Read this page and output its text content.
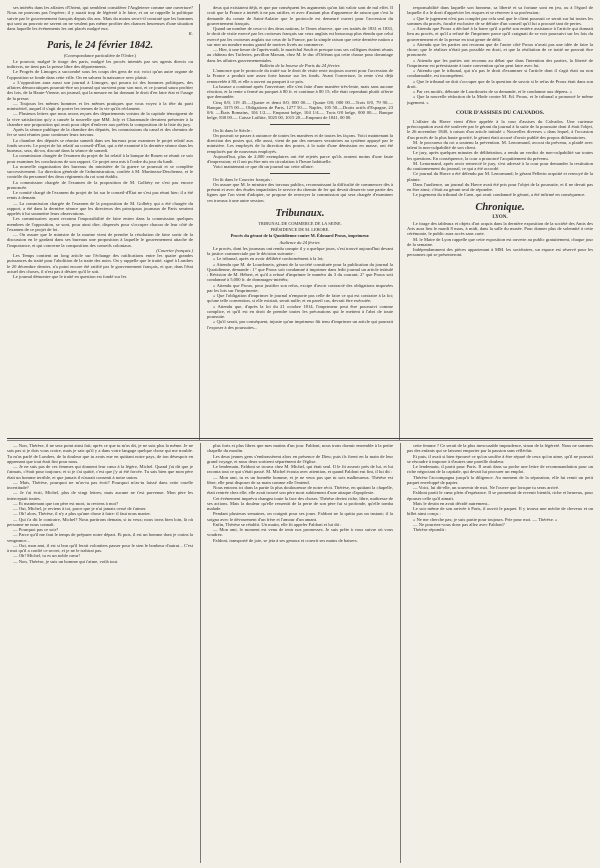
ses intérêts dans les affaires d'Orient, qui semblent considérer l'Angleterre comme une ouverture? Nous ne pouvons pas l'espérer; il y aurait trop de légèreté à le faire, et on se rappelle la politique suivie par le gouvernement français depuis dix ans. Mais du moins sera-t-il constaté que les hommes qui sont au pouvoir ne savent on ne veulent pas même profiter des chances heureuses d'une situation dans laquelle les événements les ont placés malgré eux.

K.

Paris, le 24 février 1842.
(Correspondance particulière de l'Ordre.)

Le pouvoir, malgré le tirage des parts, malgré les procès intentés par ses agents directs ou indirects, ne tient pas la presse libre des départements.

Le Progrès de Limoges a succombé sous les coups des gens de roi; voici qu'un autre organe de l'opposition se fonde dans cette ville. On en saluera la naissance avec plaisir.

« L'opposition aura aussi son journal à Limoges, qui pourra ici des hommes politiques, des affaires démocratiques pourrait-être un journal qui survient pour son mot, et ce journal saura profiter des lois, de la Haute-Vienne, un journal, qui la mesure en lui donnant le droit d'en faire état et l'usage de la presse.

— Toujours les mêmes hommes et les mêmes pratiques que vous voyez à la tête du parti ministériel, auquel il s'agit de porter les termes de la vie qu'ils réclament.

— Plusieurs lettres que nous avons reçues des départements voisins de la capitale témoignent de la vive satisfaction qu'y a causée la nouvelle que MM. Joly et Charamaule devaient présenter à la chambre une proposition qui avait pour objet d'enlever aux préfets la composition de la liste du jury.

Après la séance publique de la chambre des députés, les commissions du canal et des chemins de fer se sont réunies pour continuer leurs travaux.

La chambre des députés se réunira samedi dans ses bureaux pour examiner le projet relatif aux fonds secrets. Le projet de loi relatif au conseil-d'État, qui a été examiné à la dernière séance dans les bureaux, sera, dit-on, discuté dans la séance de samedi.

La commission chargée de l'examen du projet de loi relatif à la banque de Rouen se réunit ce soir pour examiner les conclusions de son rapport. Ce projet sera mis à l'ordre du jour du lundi.

La nouvelle organisation des bureaux du ministère de la guerre se poursuit et se complète successivement. La direction générale de l'administration, confiée à M. Martineau-Deschenez, et le contrôle du personnel des deux régiments du roi sont établis.

La commission chargée de l'examen de la proposition de M. Golbéry ne s'est pas encore prononcée.

Le comité chargé de l'examen du projet de loi sur le conseil-d'État ne s'est pas réuni hier; il a été remis à demain.

— La commission chargée de l'examen de la proposition de M. Golbéry qui a été chargée du rapport, a été dans la dernière séance que les directeurs des principaux journaux de Paris seraient appelés à lui soumettre leurs observations.

Les commissaires ayant reconnu l'impossibilité de faire entrer dans la commission quelques membres de l'opposition, se sont, pour ainsi dire, dispersés pour s'occuper chacun de leur côté de l'examen de ce projet de loi.

— On assure que le ministre de la marine vient de prendre la résolution de faire sortir de la discussion en le gardant dans ses bureaux une proposition à laquelle le gouvernement attache de l'importance, et qui concerne la composition des conseils coloniaux.

(Courrier français.)

Les Temps contient un long article sur l'échange des ratifications entre les quatre grandes puissances du traité pour l'abolition de la traite des noirs. On y rappelle que le traité, signé à Londres le 20 décembre dernier, n'a point encore été ratifié par le gouvernement français, et que, dans l'état actuel des choses, il n'est pas à désirer qu'il le soit.

Le journal démontre que le traité en question est fondé sur les

deux qui existaient déjà, et que par conséquent les arguments qu'on fait valoir sont de nul effet. Il croit que la France a intérêt à ne pas ratifier, et avec d'autant plus d'apparence de raison que c'est la demande du comte de Saint-Aulaire que le protocole est demeuré ouvert pour l'accession du gouvernement français.

Quand un nombre de ceux-ci des deux nations, le Times observe, que ces traités de 1831 et 1833, le droit de visite exercé par les croiseurs français sur ceux anglais est beaucoup plus étendu que celui exercé par les croiseurs anglais sur ceux de la France, par la simple raison que cette dernière nation a sur mer un nombre moins grand de navires livrés au commerce.

— Hier, à une heure de l'après-midi, le maréchal Soult et presque tous ses collègues étaient réunis au château des Tuileries, pavillon Marsan, chez M. le duc d'Orléans qui cette chasse pour davantage dans les affaires gouvernementales.

Bulletin de la bourse de Paris du 24 février.

L'annonce que le protocole du traité sur le droit de visite reste toujours ouvert pour l'accession de la France a produit une assez forte hausse sur les fonds. Avant l'ouverture, la rente s'est déjà renouvelée à 80, et elle a ouvert au parquet à ce prix.

La hausse a continué après l'ouverture; elle s'est faite d'une manière très-lente, mais sans aucune réaction, et la rente a fermé au parquet à 80 fr. et continue à 80 15; elle était cependant plutôt offerte que demandée.

Cinq 0/0, 119 45.—Quatre et demi 0/0, 000 00.— Quatre 0/0, 000 00.—Trois 0/0, 79 90.— Banque, 3375 00.— Obligations de Paris, 1277 50.— Naples, 105 50.—Droits actifs d'Espagne, 23 0/6. —États Romains, 104 1/2.— Emprunt belge, 104 1/4.— Trois 0/0 belge, 000 00.— Banque belge, 830 00.— Caisse Laffitte, 5025 00, 1015 20.—Emprunt de 1841, 00 00.

On lit dans le Siècle :

On pouvait se passer à outrance de toutes les manières et de toutes les façons. Voici maintenant la direction des postes qui, elle aussi, vient de par des mesures vexatoires au système appuyé par le ministère. Les employés de la direction des postes, à la suite d'une démission en masse, ont été remplacés par de nouveaux employés.

Aujourd'hui, plus de 2,000 exemplaires ont été rejetés parce qu'ils avaient moins d'une faute d'impression; et il ont pu être mis en circulation à l'heure habituelle.

Voici maintenant ce que dit un journal sur cette affaire.

On lit dans le Courrier français :

On assure que M. le ministre des travaux publics, reconnaissant la difficulté de commencer dès à présent et avec des études imparfaites le service du chemin de fer qui devait desservir une partie des lignes que l'on vient d'adopter, se propose de renvoyer la commission qui sera chargée d'examiner ces travaux à une autre session.

Tribunaux.
TRIBUNAL DE COMMERCE DE LA SEINE.
PRÉSIDENCE DE M. LEBORE.
Procès du gérant de la Quotidienne contre M. Édouard Proux, imprimeur.
Audience du 24 février.

Le procès, dont les journaux ont rendu compte il y a quelque jours, s'est trouvé aujourd'hui devant la justice commerciale par le décision suivante :

« Le tribunal, après en avoir délibéré conformément à la loi;

« Attendu que M. de Lourdoueix, gérant de la société constituée pour la publication du journal la Quotidienne, demande : 1° que Proux soit condamné à imprimer dans ledit journal un article intitulé : Révision de M. Hébert, et qu'il a refusé d'imprimer le numéro du 3 du courant; 2° que Proux soit condamné à 5,000 fr. de dommages-intérêts;

« Attendu que Proux, pour justifier son refus, excipe d'avoir contracté des obligations imposées par les lois sur l'imprimerie;

« Que l'obligation d'imprimer le journal n'emporte pas celle de faire ce qui est contraire à la loi; qu'une telle convention, si elle existait, serait nulle; et en pareil cas, devrait être exécutée;

« Attendu que, d'après la loi du 21 octobre 1814, l'imprimeur peut être poursuivi comme complice, et qu'il est en droit de prendre toutes les précautions qui le mettent à l'abri de toute poursuite.

« Qu'il serait, par conséquent, injuste qu'un imprimeur fût tenu d'imprimer un article qui pourrait l'exposer à des poursuites...

responsabilité dans laquelle son honneur, sa liberté et sa fortune sont en jeu, ou à l'égard de laquelle il a le droit d'apprécier les risques et se réserver à sa profession;

« Que le jugement n'est pas complet par cela seul que le client poursuit ce serait sur lui toutes les sommes du procès, faculté exclusive de se défaire d'un conseil qu'il lui a procuré tant de pertes.

« Attendu que Proux a déclaré à la barre qu'il a prêté son entière assistance à l'article qui donnait lieu au procès, et qu'il a refusé de l'imprimer parce qu'il craignait de se voir poursuivi sur les lois du gouvernement et de la presse en tout genre de délit.

« Attendu que les parties ont reconnu que de l'autre côté Proux n'avait pas une idée de faire la chose; que le réaliser n'était pas possible en droit, et que la résiliation de ce traité ne pouvait être prononcée.

« Attendu que les parties ont reconnu au débat que dans l'intention des parties, la liberté de l'imprimeur est préexistante à toute convention qu'on peut faire avec lui.

« Attendu que le tribunal, qui n'a pas le droit d'examiner si l'article dont il s'agit était ou non condamnable, est incompétent.

« Que le tribunal ne doit s'occuper que de la question de savoir si le refus de Proux était dans son droit.

« Par ces motifs, déboute de Lourdoueix de sa demande, et le condamne aux dépens. »

« Que la nouvelle rédaction de la Mode contre M. Ed. Proux, et le tribunal a prononcé le même jugement. »

COUR D'ASSISES DU CALVADOS.

L'affaire du Havre vient d'être appelée à la cour d'assises du Calvados. Une curieuse préoccupation avait été soulevée par le gérant du journal à la suite de la poursuite dont il était l'objet, le 26 novembre 1840, à raison d'un article intitulé « Nouvelles diverses » dans lequel, à l'occasion d'un procès de la plus haute gravité, le gérant était accusé d'avoir publié des propos diffamatoires.

M. le procureur du roi a soutenu la prévention. M. Lenormand, avocat du prévenu, a plaidé avec talent la non-culpabilité de son client.

Le jury, après quelques minutes de délibération, a rendu un verdict de non-culpabilité sur toutes les questions. En conséquence, la cour a prononcé l'acquittement du prévenu.

M. Lenormand, après avoir remercié le jury, s'est adressé à la cour pour demander la restitution du cautionnement du journal, ce qui a été accordé.

Ce journal du Havre a été défendu par M. Lenormand; le gérant Pellerin acquitté et renvoyé de la plainte.

Dans l'audience, un journal du Havre avait été pris pour l'objet de la poursuite, et il ne devait pas en être ainsi; c'était au gérant seul de répondre.

Le jugement du tribunal de Caen, qui avait condamné le gérant, a été infirmé en conséquence.

Chronique.
LYON.

Le tirage des tableaux et objets d'art acquis dans la dernière exposition de la société des Amis des Arts aura lieu le mardi 8 mars, à midi, dans la salle du musée. Pour donner plus de solennité à cette cérémonie, le public aura accès sans carte.

M. le Maire de Lyon rappelle que cette exposition est ouverte au public gratuitement, chaque jour de la semaine.

Indépendamment des pièces appartenant à MM. les sociétaires, un espace est réservé pour les personnes qui se présenteront.

— Non, Thérèse, il ne sera point ainsi fait; après ce que tu m'as dit, je ne suis plus la même. Je ne sais pas si je dois vous croire, mais je sais qu'il y a dans votre langage quelque chose qui me trouble. Tu m'as parlé de Londres, de la douleur que tu avais eue en quittant notre pays, de ton désespoir en apprenant que tout était fini pour nous.

— Je ne suis pas de ces femmes qui donnent leur cœur à la légère, Michel. Quand j'ai dit que je t'aimais, c'était pour toujours; et si je t'ai quitté, c'est que j'y ai été forcée. Tu sais bien que mon père était un homme terrible, et que jamais il n'aurait consenti à notre union.

— Mais, Thérèse, pourquoi ne m'as-tu pas écrit? Pourquoi m'as-tu laissé dans cette cruelle incertitude?

— Je t'ai écrit, Michel, plus de vingt lettres; mais aucune ne t'est parvenue. Mon père les interceptait toutes.

— Et maintenant que ton père est mort, tu reviens à moi?

— Oui, Michel, je reviens à toi, parce que je n'ai jamais cessé de t'aimer.

— Oh! alors, Thérèse, il n'y a plus qu'une chose à faire: il faut nous marier.

— Qui t'a dit le contraire, Michel? Nous partirons demain, si tu veux; nous irons bien loin, là où personne ne nous connaît.

— Pourquoi pas ce soir?

— Parce qu'il me faut le temps de préparer notre départ. Et puis, il est un homme dont je crains la vengeance...

— Oui, mon ami, il est si bon qu'il ferait volontiers passer pour le sien le bonheur d'autrui... C'est à moi qu'il a confié ce secret, et je ne le trahirai pas.

— Oh! Michel, tu es un noble cœur!

— Non, Thérèse, je suis un homme qui t'aime, voilà tout.

plus forts et plus libres que mes matins d'un jour. Faldoni, nous irons dormir ensemble à la petite chapelle du moulin.

Les deux jeunes gens s'embrassèrent alors en présence de Dieu; puis ils firent en la main de leur grand voyage, et nous deux sortirent séparément de l'église.

Le lendemain, Faldoni se trouva chez M. Michel, qui était seul. Il le fit asseoir près de lui, et lui raconta tout ce qui s'était passé. M. Michel écouta avec attention, et quand Faldoni eut fini, il lui dit :

— Mon ami, tu es un honnête homme, et je ne veux pas que tu sois malheureux. Thérèse est libre; elle peut disposer de sa main comme elle l'entend.

Nous entrons ici dans la partie la plus douloureuse de notre récit. Thérèse, en quittant la chapelle, était rentrée chez elle; elle avait trouvé son père mort subitement d'une attaque d'apoplexie.

Cet événement imprévu changea toute la face des choses. Thérèse devint riche, libre, maîtresse de ses actions. Mais la douleur qu'elle ressentit de la perte de son père fut si profonde, qu'elle tomba malade.

Pendant plusieurs semaines, on craignit pour ses jours. Faldoni ne la quitta pas un instant; il la soigna avec le dévouement d'un frère et l'amour d'un amant.

Enfin, Thérèse se rétablit. Un matin, elle fit appeler Faldoni et lui dit :

— Mon ami, le moment est venu de tenir nos promesses. Je suis prête à vous suivre où vous voudrez.

Faldoni, transporté de joie, se jeta à ses genoux et couvrit ses mains de baisers.

cette femme ? Ce serait de la plus inexcusable imprudence, sinon de la légèreté. Nous ne sommes pas des enfants qui se laissent emporter par la passion sans réfléchir.

Et puis, il avait si bien éprouvé ce qu'on souffre à être séparé de ceux qu'on aime, qu'il ne pouvait se résoudre à imposer à d'autres une pareille douleur.

Le lendemain, il partit pour Paris. Il avait dans sa poche une lettre de recommandation pour un riche négociant de la capitale, qui devait lui procurer un emploi.

Thérèse l'accompagna jusqu'à la diligence. Au moment de la séparation, elle lui remit un petit paquet enveloppé de papier.

— Voici, lui dit-elle, un souvenir de moi. Ne l'ouvre que lorsque tu seras arrivé.

Faldoni partit le cœur plein d'espérance. Il se promettait de revenir bientôt, riche et heureux, pour épouser celle qu'il aimait.

Mais le destin en avait décidé autrement...

Le soir même de son arrivée à Paris, il ouvrit le paquet. Il y trouva une mèche de cheveux et un billet ainsi conçu :

« Ne me cherche pas; je suis partie pour toujours. Prie pour moi. — Thérèse. »

— Ne pourriez-vous donc pas allez avec Faldoni?

Thérèse répondit :
